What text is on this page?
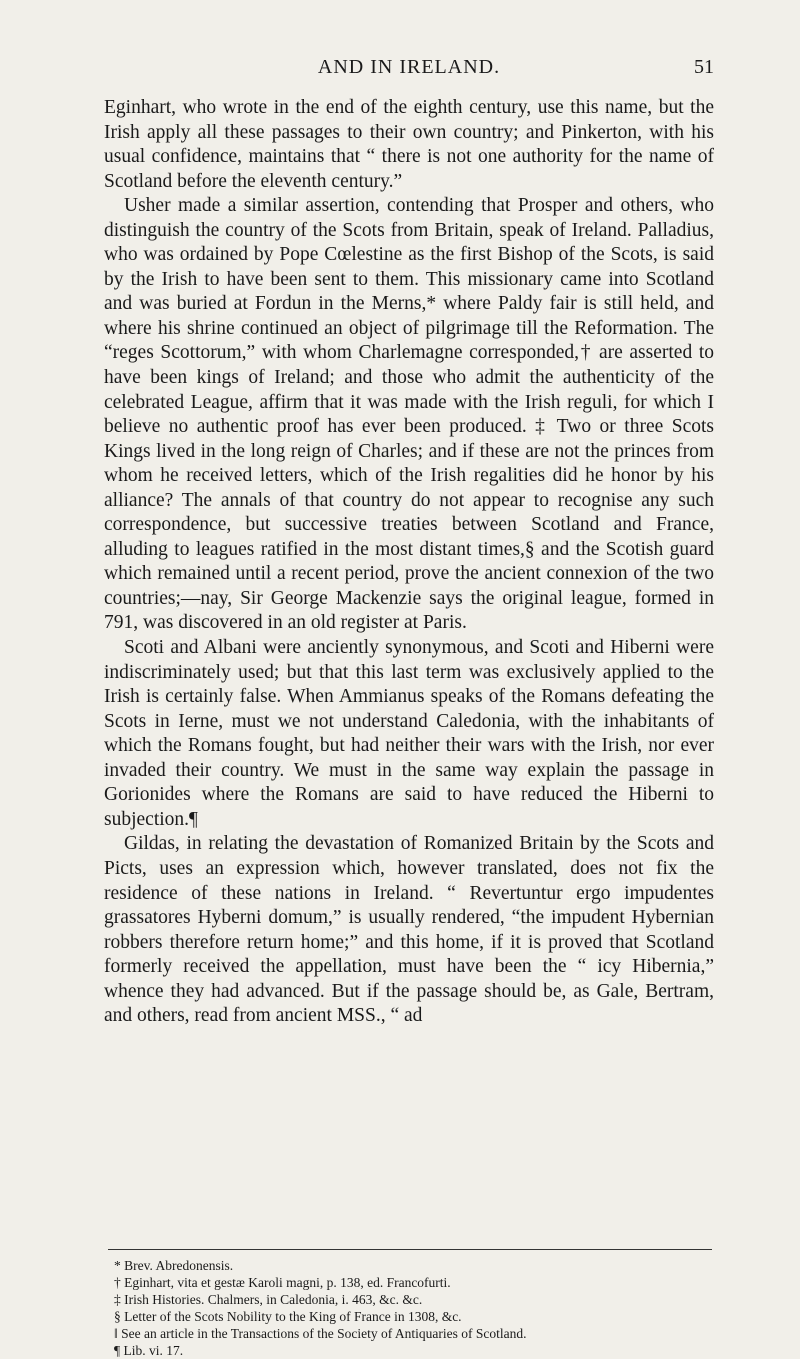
AND IN IRELAND.	51

Eginhart, who wrote in the end of the eighth century, use this name, but the Irish apply all these passages to their own country; and Pinkerton, with his usual confidence, maintains that “ there is not one authority for the name of Scotland before the eleventh century.”

Usher made a similar assertion, contending that Prosper and others, who distinguish the country of the Scots from Britain, speak of Ireland. Palladius, who was ordained by Pope Cœlestine as the first Bishop of the Scots, is said by the Irish to have been sent to them. This missionary came into Scotland and was buried at Fordun in the Merns,* where Paldy fair is still held, and where his shrine continued an object of pilgrimage till the Reformation. The “reges Scottorum,” with whom Charlemagne corresponded,† are asserted to have been kings of Ireland; and those who admit the authenticity of the celebrated League, affirm that it was made with the Irish reguli, for which I believe no authentic proof has ever been produced. ‡ Two or three Scots Kings lived in the long reign of Charles; and if these are not the princes from whom he received letters, which of the Irish regalities did he honor by his alliance? The annals of that country do not appear to recognise any such correspondence, but successive treaties between Scotland and France, alluding to leagues ratified in the most distant times,§ and the Scotish guard which remained until a recent period, prove the ancient connexion of the two countries;—nay, Sir George Mackenzie says the original league, formed in 791, was discovered in an old register at Paris.

Scoti and Albani were anciently synonymous, and Scoti and Hiberni were indiscriminately used; but that this last term was exclusively applied to the Irish is certainly false. When Ammianus speaks of the Romans defeating the Scots in Ierne, must we not understand Caledonia, with the inhabitants of which the Romans fought, but had neither their wars with the Irish, nor ever invaded their country. We must in the same way explain the passage in Gorionides where the Romans are said to have reduced the Hiberni to subjection.¶

Gildas, in relating the devastation of Romanized Britain by the Scots and Picts, uses an expression which, however translated, does not fix the residence of these nations in Ireland. “ Revertuntur ergo impudentes grassatores Hyberni domum,” is usually rendered, “the impudent Hybernian robbers therefore return home;” and this home, if it is proved that Scotland formerly received the appellation, must have been the “ icy Hibernia,” whence they had advanced. But if the passage should be, as Gale, Bertram, and others, read from ancient MSS., “ ad

* Brev. Abredonensis.
† Eginhart, vita et gestæ Karoli magni, p. 138, ed. Francofurti.
‡ Irish Histories. Chalmers, in Caledonia, i. 463, &c. &c.
§ Letter of the Scots Nobility to the King of France in 1308, &c.
‖ See an article in the Transactions of the Society of Antiquaries of Scotland.
¶ Lib. vi. 17.
